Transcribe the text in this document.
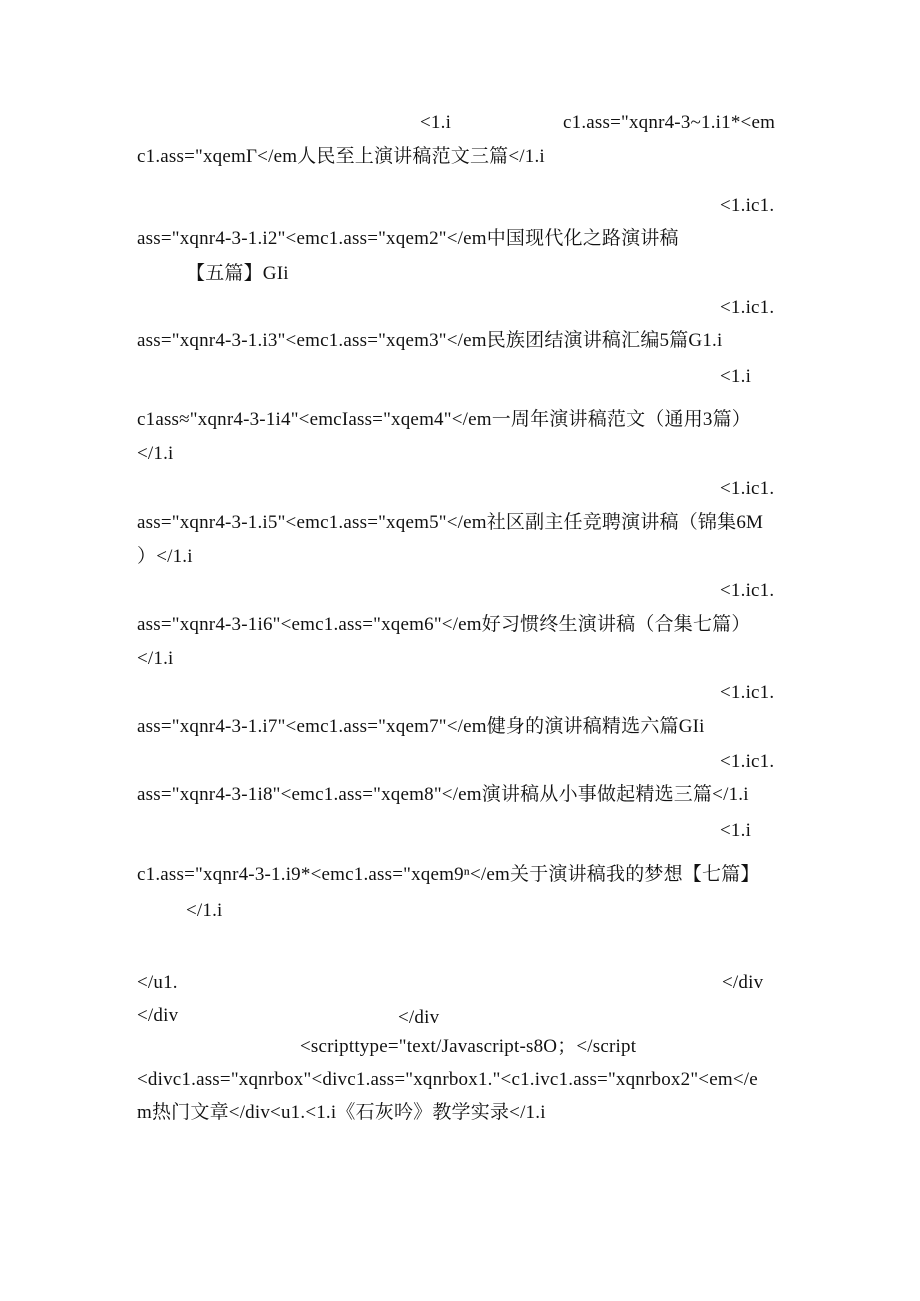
<1.i	c1.ass="xqnr4-3~1.i1*<em
c1.ass="xqemΓ</em人民至上演讲稿范文三篇</1.i
<1.ic1.
ass="xqnr4-3-1.i2"<emc1.ass="xqem2"</em中国现代化之路演讲稿
【五篇】GIi
<1.ic1.
ass="xqnr4-3-1.i3"<emc1.ass="xqem3"</em民族团结演讲稿汇编5篇G1.i
<1.i
c1ass≈"xqnr4-3-1i4"<emcIass="xqem4"</em一周年演讲稿范文（通用3篇）
</1.i
<1.ic1.
ass="xqnr4-3-1.i5"<emc1.ass="xqem5"</em社区副主任竞聘演讲稿（锦集6M
）</1.i
<1.ic1.
ass="xqnr4-3-1i6"<emc1.ass="xqem6"</em好习惯终生演讲稿（合集七篇）
</1.i
<1.ic1.
ass="xqnr4-3-1.i7"<emc1.ass="xqem7"</em健身的演讲稿精选六篇GIi
<1.ic1.
ass="xqnr4-3-1i8"<emc1.ass="xqem8"</em演讲稿从小事做起精选三篇</1.i
<1.i
c1.ass="xqnr4-3-1.i9*<emc1.ass="xqem9ⁿ</em关于演讲稿我的梦想【七篇】
</1.i
</u1.	</div
</div	</div
<scripttype="text/Javascript-s8O；</script
<divc1.ass="xqnrbox"<divc1.ass="xqnrbox1."<c1.ivc1.ass="xqnrbox2"<em</e
m热门文章</div<u1.<1.i《石灰吟》教学实录</1.i
